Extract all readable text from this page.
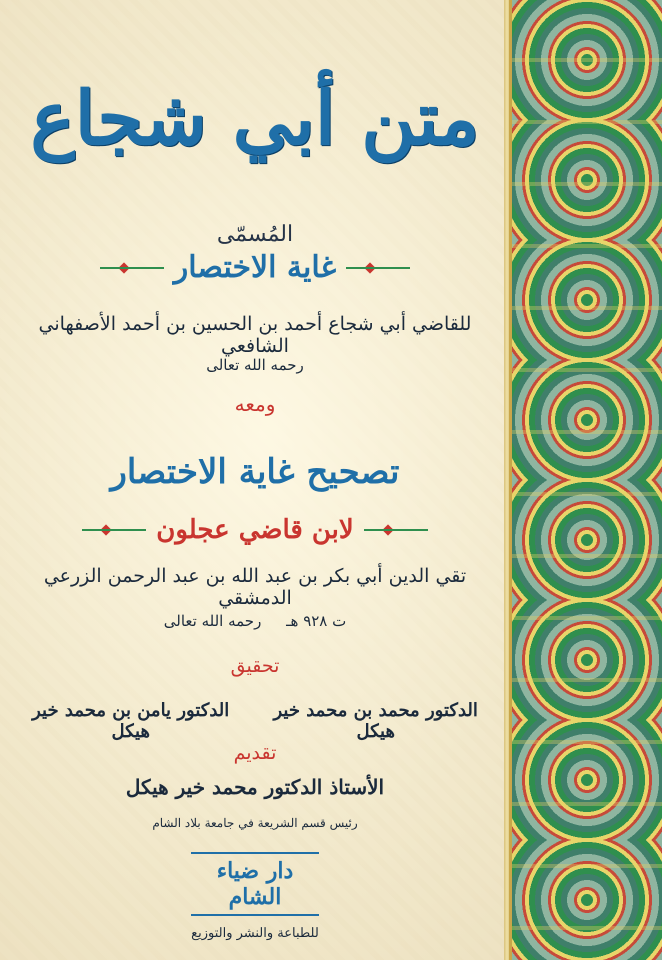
متن أبي شجاع
المُسمّى
غاية الاختصار
للقاضي أبي شجاع أحمد بن الحسين بن أحمد الأصفهاني الشافعي
رحمه الله تعالى
ومعه
تصحيح غاية الاختصار
لابن قاضي عجلون
تقي الدين أبي بكر بن عبد الله بن عبد الرحمن الزرعي الدمشقي
ت ٩٢٨ هـ رحمه الله تعالى
تحقيق
الدكتور محمد بن محمد خير هيكل
الدكتور يامن بن محمد خير هيكل
تقديم
الأستاذ الدكتور محمد خير هيكل
رئيس قسم الشريعة في جامعة بلاد الشام
دار ضياء الشام
للطباعة والنشر والتوزيع
